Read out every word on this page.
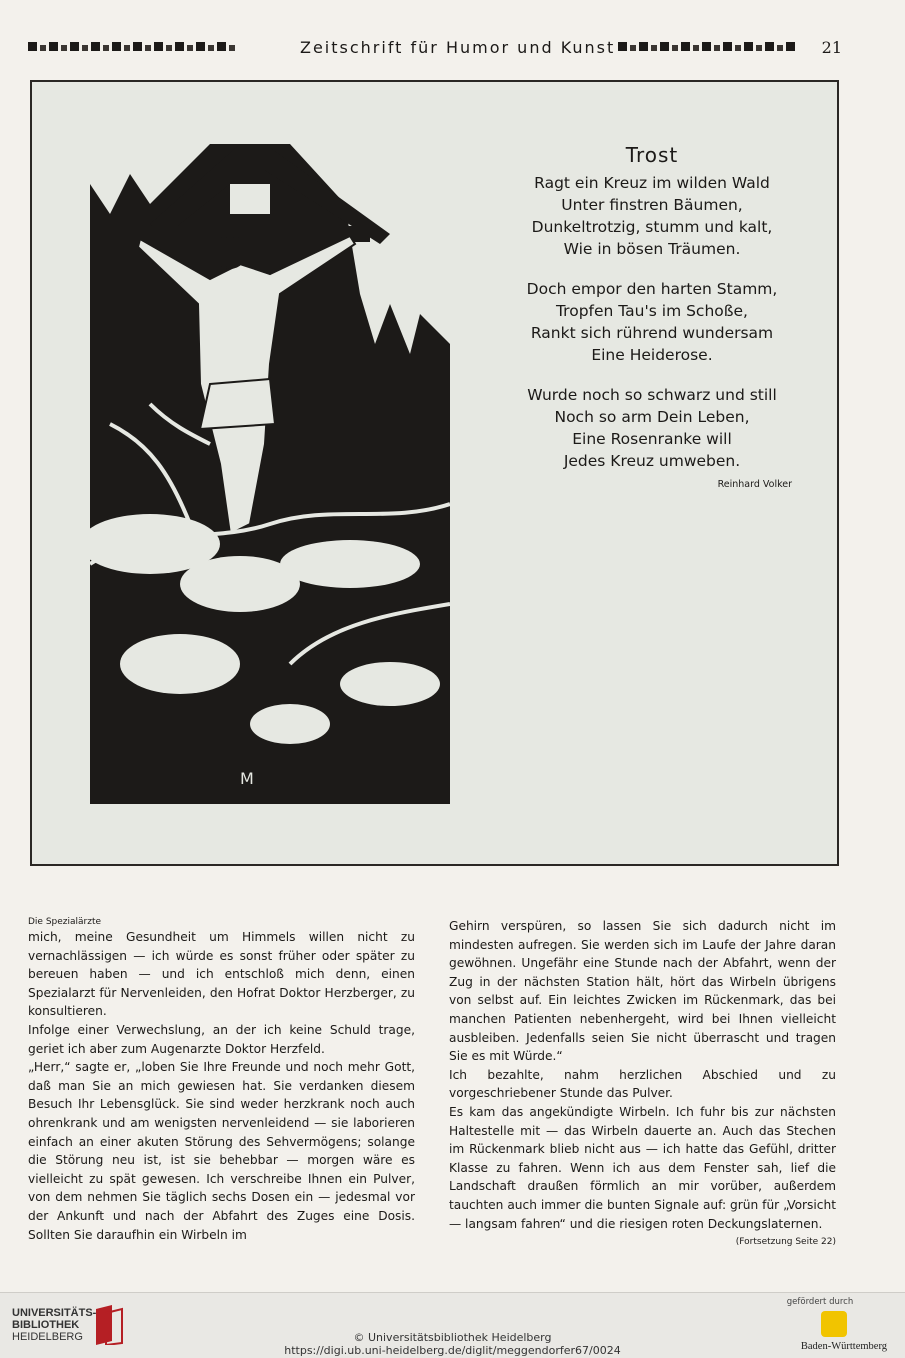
Zeitschrift für Humor und Kunst	21
M
Trost
Ragt ein Kreuz im wilden Wald
Unter finstren Bäumen,
Dunkeltrotzig, stumm und kalt,
Wie in bösen Träumen.
Doch empor den harten Stamm,
Tropfen Tau's im Schoße,
Rankt sich rührend wundersam
Eine Heiderose.
Wurde noch so schwarz und still
Noch so arm Dein Leben,
Eine Rosenranke will
Jedes Kreuz umweben.
Reinhard Volker
Die Spezialärzte

mich, meine Gesundheit um Himmels willen nicht zu vernachlässigen — ich würde es sonst früher oder später zu bereuen haben — und ich entschloß mich denn, einen Spezialarzt für Nervenleiden, den Hofrat Doktor Herzberger, zu konsultieren.

Infolge einer Verwechslung, an der ich keine Schuld trage, geriet ich aber zum Augenarzte Doktor Herzfeld.

„Herr,“ sagte er, „loben Sie Ihre Freunde und noch mehr Gott, daß man Sie an mich gewiesen hat. Sie verdanken diesem Besuch Ihr Lebensglück. Sie sind weder herzkrank noch auch ohrenkrank und am wenigsten nervenleidend — sie laborieren einfach an einer akuten Störung des Sehvermögens; solange die Störung neu ist, ist sie behebbar — morgen wäre es vielleicht zu spät gewesen. Ich verschreibe Ihnen ein Pulver, von dem nehmen Sie täglich sechs Dosen ein — jedesmal vor der Ankunft und nach der Abfahrt des Zuges eine Dosis. Sollten Sie daraufhin ein Wirbeln im

Gehirn verspüren, so lassen Sie sich dadurch nicht im mindesten aufregen. Sie werden sich im Laufe der Jahre daran gewöhnen. Ungefähr eine Stunde nach der Abfahrt, wenn der Zug in der nächsten Station hält, hört das Wirbeln übrigens von selbst auf. Ein leichtes Zwicken im Rückenmark, das bei manchen Patienten nebenhergeht, wird bei Ihnen vielleicht ausbleiben. Jedenfalls seien Sie nicht überrascht und tragen Sie es mit Würde.“

Ich bezahlte, nahm herzlichen Abschied und zu vorgeschriebener Stunde das Pulver.

Es kam das angekündigte Wirbeln. Ich fuhr bis zur nächsten Haltestelle mit — das Wirbeln dauerte an. Auch das Stechen im Rückenmark blieb nicht aus — ich hatte das Gefühl, dritter Klasse zu fahren. Wenn ich aus dem Fenster sah, lief die Landschaft draußen förmlich an mir vorüber, außerdem tauchten auch immer die bunten Signale auf: grün für „Vorsicht — langsam fahren“ und die riesigen roten Deckungslaternen.

(Fortsetzung Seite 22)
UNIVERSITÄTS-
BIBLIOTHEK
HEIDELBERG	© Universitätsbibliothek Heidelberg
https://digi.ub.uni-heidelberg.de/diglit/meggendorfer67/0024
gefördert durch
Baden-Württemberg
